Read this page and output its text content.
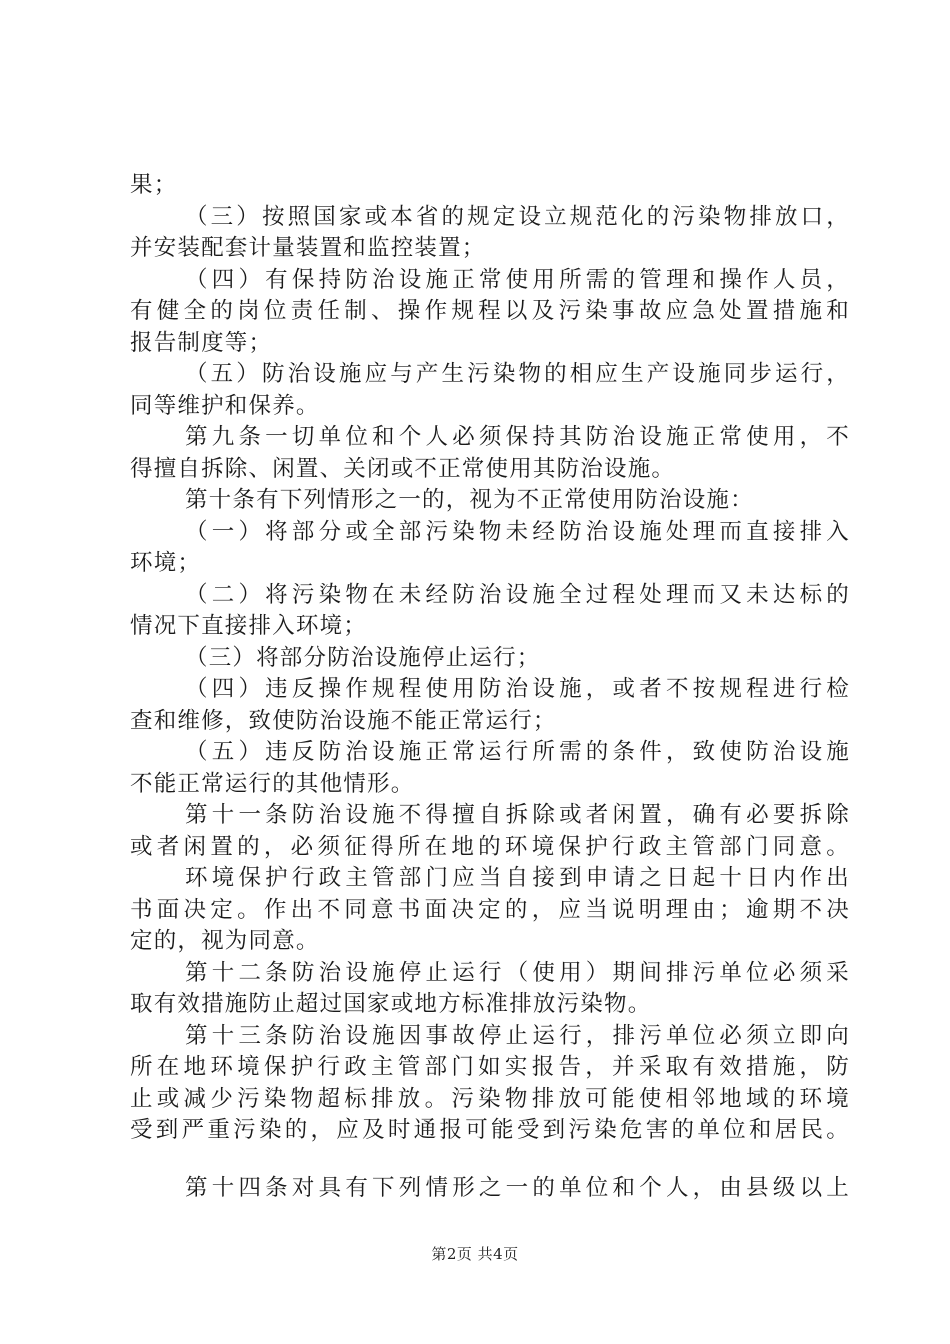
果；
（三）按照国家或本省的规定设立规范化的污染物排放口，
并安装配套计量装置和监控装置；
（四）有保持防治设施正常使用所需的管理和操作人员，
有健全的岗位责任制、操作规程以及污染事故应急处置措施和
报告制度等；
（五）防治设施应与产生污染物的相应生产设施同步运行，
同等维护和保养。
第九条一切单位和个人必须保持其防治设施正常使用，不
得擅自拆除、闲置、关闭或不正常使用其防治设施。
第十条有下列情形之一的，视为不正常使用防治设施：
（一）将部分或全部污染物未经防治设施处理而直接排入
环境；
（二）将污染物在未经防治设施全过程处理而又未达标的
情况下直接排入环境；
（三）将部分防治设施停止运行；
（四）违反操作规程使用防治设施，或者不按规程进行检
查和维修，致使防治设施不能正常运行；
（五）违反防治设施正常运行所需的条件，致使防治设施
不能正常运行的其他情形。
第十一条防治设施不得擅自拆除或者闲置，确有必要拆除
或者闲置的，必须征得所在地的环境保护行政主管部门同意。
环境保护行政主管部门应当自接到申请之日起十日内作出
书面决定。作出不同意书面决定的，应当说明理由；逾期不决
定的，视为同意。
第十二条防治设施停止运行（使用）期间排污单位必须采
取有效措施防止超过国家或地方标准排放污染物。
第十三条防治设施因事故停止运行，排污单位必须立即向
所在地环境保护行政主管部门如实报告，并采取有效措施，防
止或减少污染物超标排放。污染物排放可能使相邻地域的环境
受到严重污染的，应及时通报可能受到污染危害的单位和居民。
第十四条对具有下列情形之一的单位和个人，由县级以上
第2页 共4页
